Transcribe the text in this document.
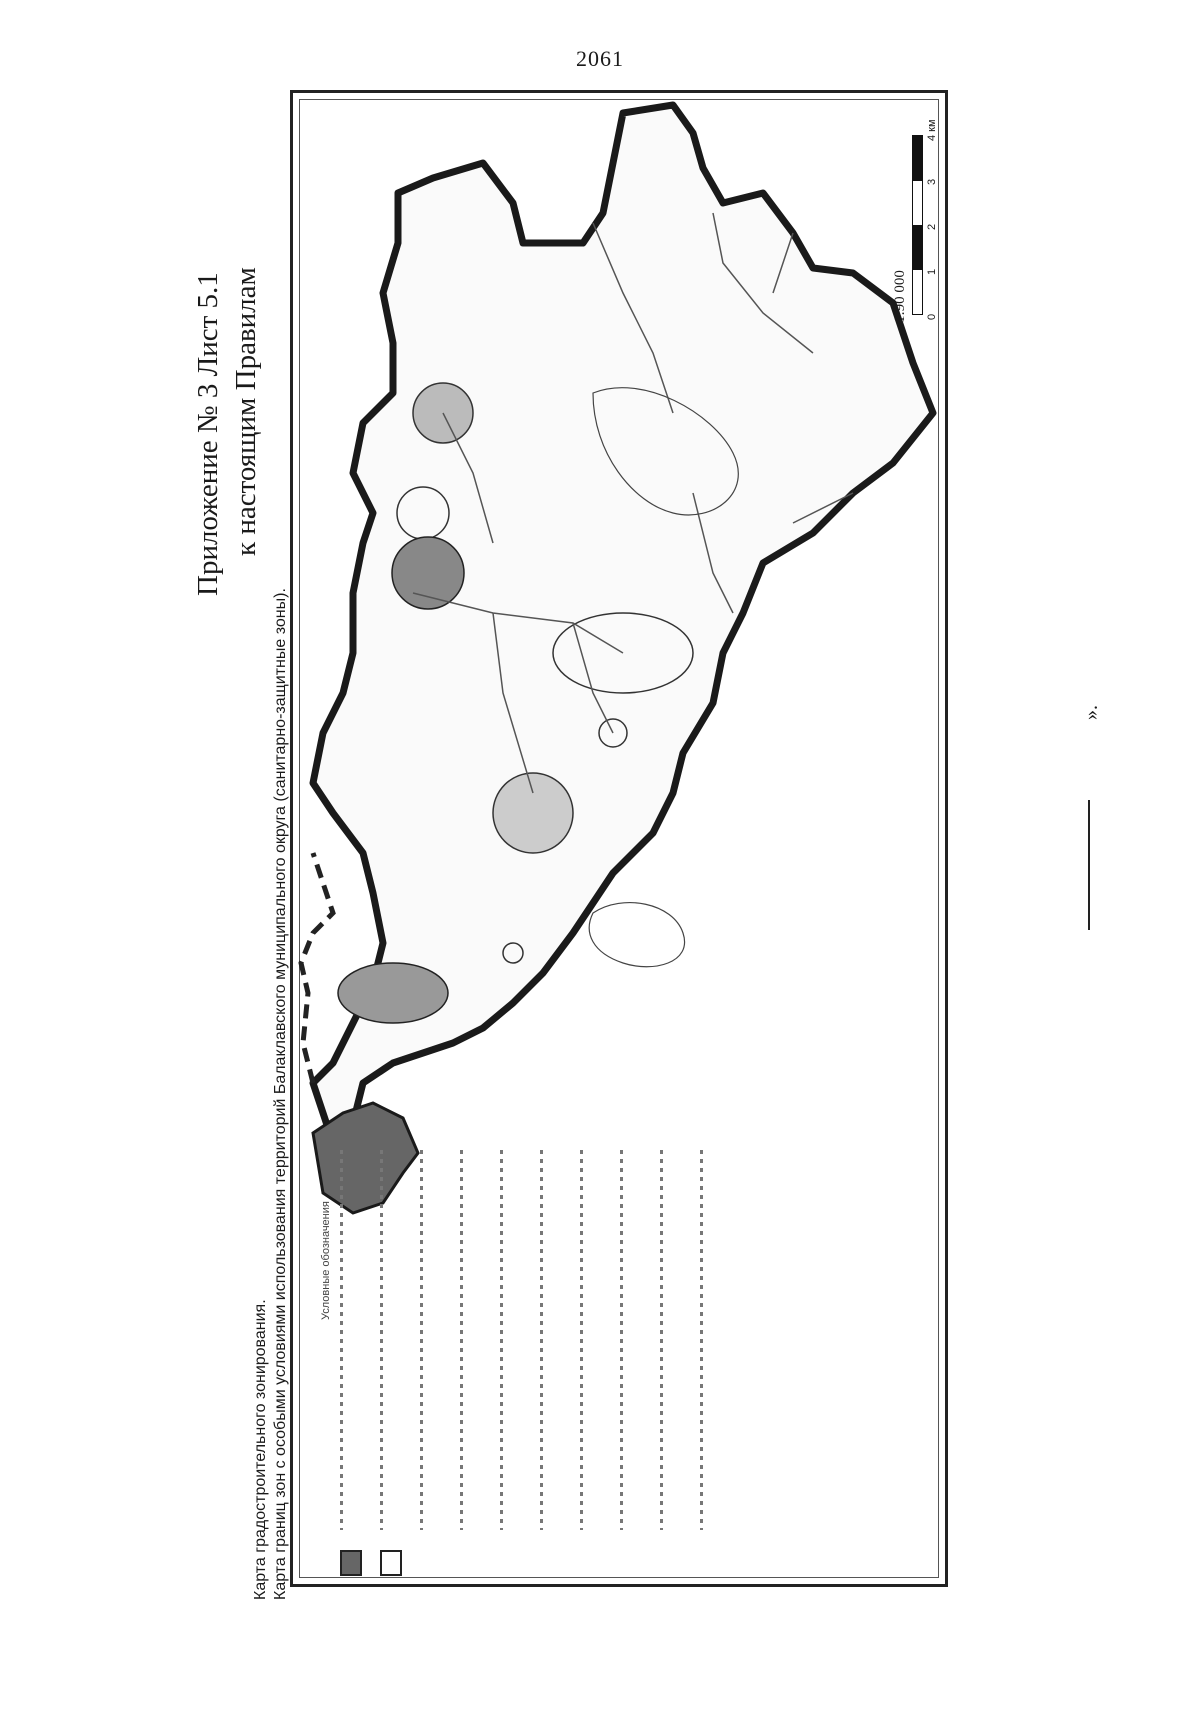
2061
Приложение № 3 Лист 5.1 к настоящим Правилам
Карта градостроительного зонирования. Карта границ зон с особыми условиями использования территорий Балаклавского муниципального округа (санитарно-защитные зоны).	Условные обозначения
1:90 000 0
1
2
3
4 км
».
